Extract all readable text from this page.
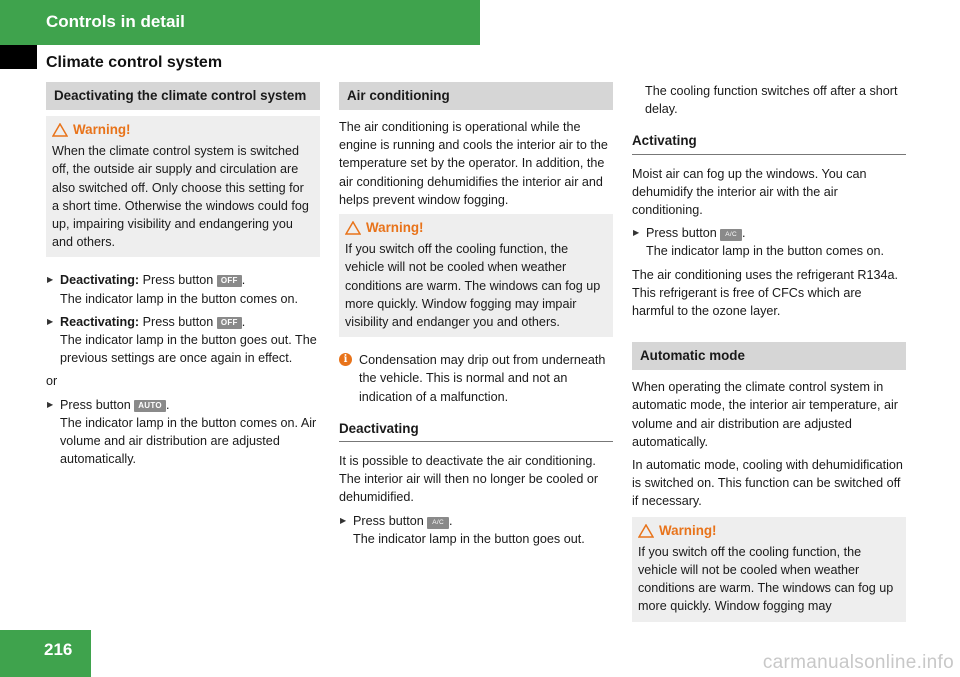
Controls in detail
Climate control system
Deactivating the climate control system
Warning!
When the climate control system is switched off, the outside air supply and circulation are also switched off. Only choose this setting for a short time. Otherwise the windows could fog up, impairing visibility and endangering you and others.
▶ Deactivating: Press button OFF .
The indicator lamp in the button comes on.
▶ Reactivating: Press button OFF .
The indicator lamp in the button goes out. The previous settings are once again in effect.

or

▶ Press button AUTO .
The indicator lamp in the button comes on. Air volume and air distribution are adjusted automatically.
Air conditioning

The air conditioning is operational while the engine is running and cools the interior air to the temperature set by the operator. In addition, the air conditioning dehumidifies the interior air and helps prevent window fogging.

Warning!
If you switch off the cooling function, the vehicle will not be cooled when weather conditions are warm. The windows can fog up more quickly. Window fogging may impair visibility and endanger you and others.
i Condensation may drip out from underneath the vehicle. This is normal and not an indication of a malfunction.
Deactivating

It is possible to deactivate the air conditioning. The interior air will then no longer be cooled or dehumidified.

▶ Press button A/C .
The indicator lamp in the button goes out.

The cooling function switches off after a short delay.

Activating

Moist air can fog up the windows. You can dehumidify the interior air with the air conditioning.

▶ Press button A/C .
The indicator lamp in the button comes on.

The air conditioning uses the refrigerant R134a. This refrigerant is free of CFCs which are harmful to the ozone layer.

Automatic mode

When operating the climate control system in automatic mode, the interior air temperature, air volume and air distribution are adjusted automatically.

In automatic mode, cooling with dehumidification is switched on. This function can be switched off if necessary.

Warning!
If you switch off the cooling function, the vehicle will not be cooled when weather conditions are warm. The windows can fog up more quickly. Window fogging may
216
carmanualsonline.info
